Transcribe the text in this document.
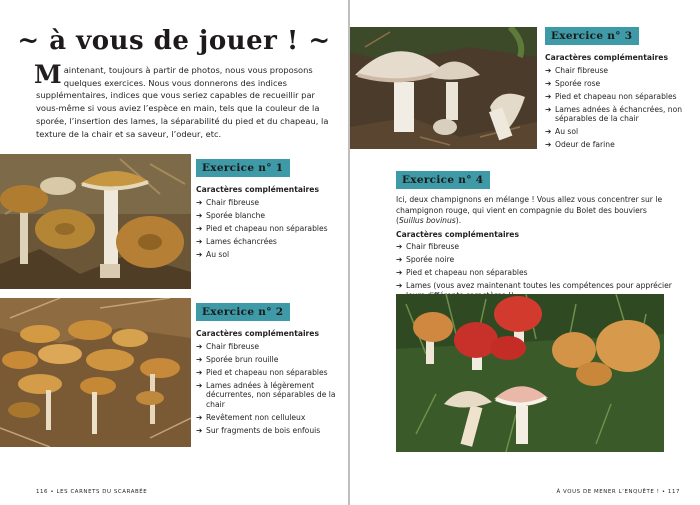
~ à vous de jouer ! ~

Maintenant, toujours à partir de photos, nous vous proposons quelques exercices. Nous vous donnerons des indices supplémentaires, indices que vous seriez capables de recueillir par vous-même si vous aviez l’espèce en main, tels que la couleur de la sporée, l’insertion des lames, la séparabilité du pied et du chapeau, la texture de la chair et sa saveur, l’odeur, etc.

Exercice n° 1
Caractères complémentaires
➔ Chair fibreuse
➔ Sporée blanche
➔ Pied et chapeau non séparables
➔ Lames échancrées
➔ Au sol
Exercice n° 2
Caractères complémentaires
➔ Chair fibreuse
➔ Sporée brun rouille
➔ Pied et chapeau non séparables
➔ Lames adnées à légèrement décurrentes, non séparables de la chair
➔ Revêtement non celluleux
➔ Sur fragments de bois enfouis
116 • LES CARNETS DU SCARABÉE
Exercice n° 3
Caractères complémentaires
➔ Chair fibreuse
➔ Sporée rose
➔ Pied et chapeau non séparables
➔ Lames adnées à échancrées, non séparables de la chair
➔ Au sol
➔ Odeur de farine
Exercice n° 4

Ici, deux champignons en mélange ! Vous allez vous concentrer sur le champignon rouge, qui vient en compagnie du Bolet des bouviers (Suillus bovinus).

Caractères complémentaires
➔ Chair fibreuse
➔ Sporée noire
➔ Pied et chapeau non séparables
➔ Lames (vous avez maintenant toutes les compétences pour apprécier
À VOUS DE MENER L’ENQUÊTE ! • 117
